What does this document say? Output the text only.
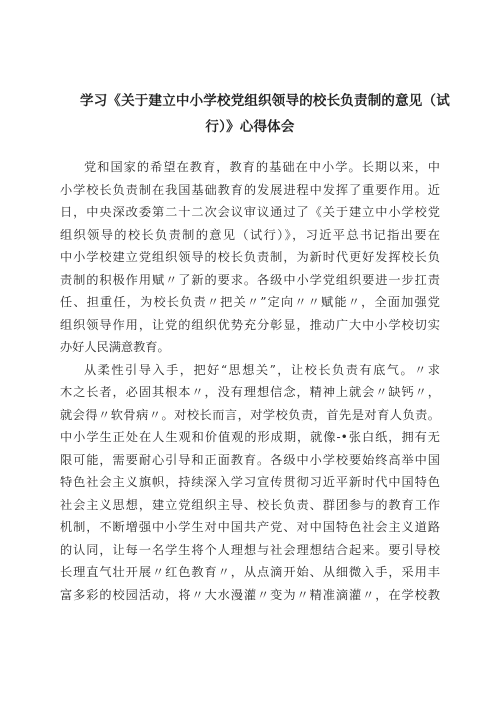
学习《关于建立中小学校党组织领导的校长负责制的意见（试
行）》心得体会

党和国家的希望在教育，教育的基础在中小学。长期以来，中
小学校长负责制在我国基础教育的发展进程中发挥了重要作用。近
日，中央深改委第二十二次会议审议通过了《关于建立中小学校党
组织领导的校长负责制的意见（试行）》，习近平总书记指出要在
中小学校建立党组织领导的校长负责制，为新时代更好发挥校长负
责制的积极作用赋〃了新的要求。各级中小学党组织要进一步扛责
任、担重任，为校长负责〃把关〃”定向〃〃赋能〃，全面加强党
组织领导作用，让党的组织优势充分彰显，推动广大中小学校切实
办好人民满意教育。

从柔性引导入手，把好“思想关”，让校长负责有底气。〃求
木之长者，必固其根本〃，没有理想信念，精神上就会〃缺钙〃，
就会得〃软骨病〃。对校长而言，对学校负责，首先是对育人负责。
中小学生正处在人生观和价值观的形成期，就像-•张白纸，拥有无
限可能，需要耐心引导和正面教育。各级中小学校要始终高举中国
特色社会主义旗帜，持续深入学习宣传贯彻习近平新时代中国特色
社会主义思想，建立党组织主导、校长负责、群团参与的教育工作
机制，不断增强中小学生对中国共产党、对中国特色社会主义道路
的认同，让每一名学生将个人理想与社会理想结合起来。要引导校
长理直气壮开展〃红色教育〃，从点滴开始、从细微入手，采用丰
富多彩的校园活动，将〃大水漫灌〃变为〃精准滴灌〃，在学校教
